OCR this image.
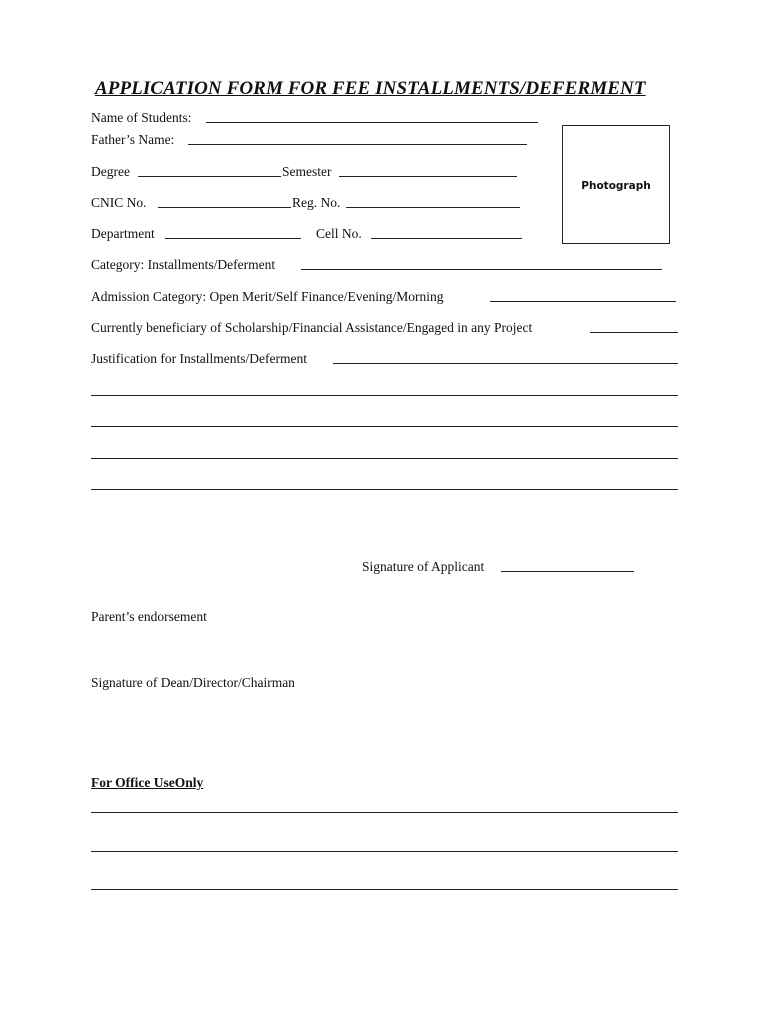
APPLICATION FORM FOR FEE INSTALLMENTS/DEFERMENT
Name of Students:
Father’s Name:
Degree	Semester
CNIC No.	Reg. No.
Department	Cell No.
Photograph
Category: Installments/Deferment
Admission Category: Open Merit/Self Finance/Evening/Morning
Currently beneficiary of Scholarship/Financial Assistance/Engaged in any Project
Justification for Installments/Deferment
Signature of Applicant
Parent’s endorsement
Signature of Dean/Director/Chairman
For Office UseOnly
